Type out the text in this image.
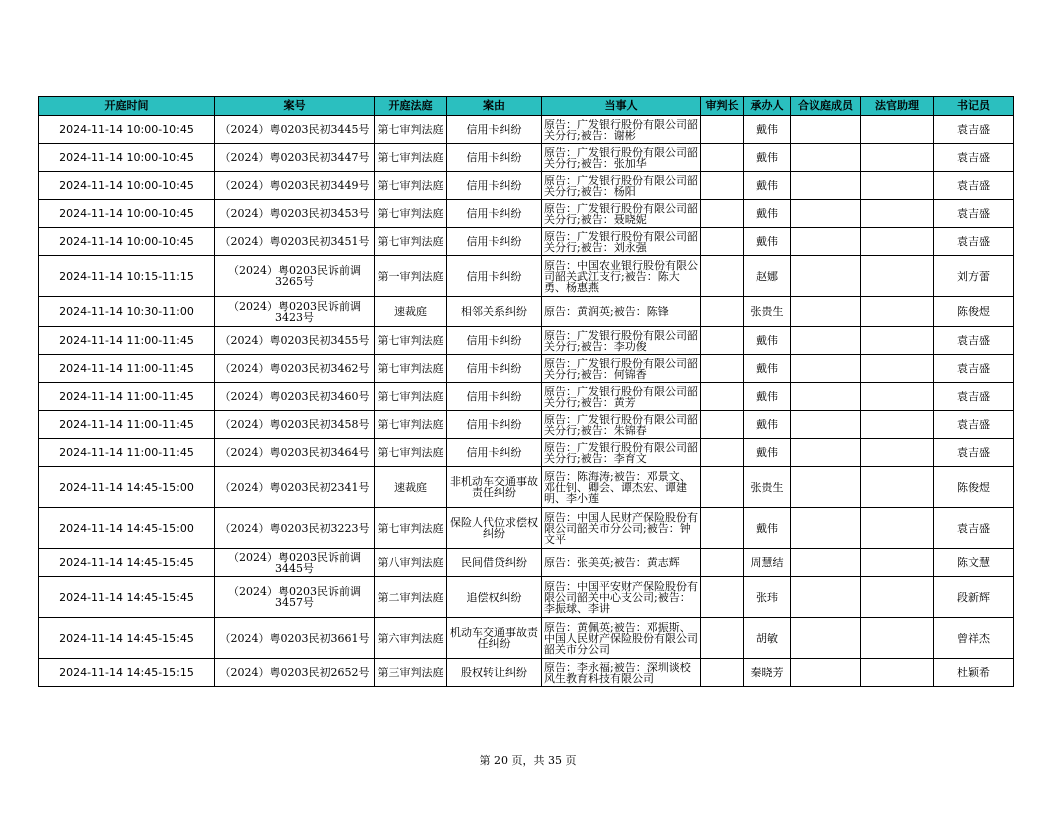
开庭时间	案号	开庭法庭	案由	当事人	审判长	承办人	合议庭成员	法官助理	书记员

2024-11-14 10:00-10:45	（2024）粤0203民初3445号	第七审判法庭	信用卡纠纷	原告：广发银行股份有限公司韶关分行;被告：谢彬		戴伟			袁吉盛

2024-11-14 10:00-10:45	（2024）粤0203民初3447号	第七审判法庭	信用卡纠纷	原告：广发银行股份有限公司韶关分行;被告：张加华		戴伟			袁吉盛

2024-11-14 10:00-10:45	（2024）粤0203民初3449号	第七审判法庭	信用卡纠纷	原告：广发银行股份有限公司韶关分行;被告：杨阳		戴伟			袁吉盛

2024-11-14 10:00-10:45	（2024）粤0203民初3453号	第七审判法庭	信用卡纠纷	原告：广发银行股份有限公司韶关分行;被告：聂晓妮		戴伟			袁吉盛

2024-11-14 10:00-10:45	（2024）粤0203民初3451号	第七审判法庭	信用卡纠纷	原告：广发银行股份有限公司韶关分行;被告：刘永强		戴伟			袁吉盛

2024-11-14 10:15-11:15	（2024）粤0203民诉前调3265号	第一审判法庭	信用卡纠纷	原告：中国农业银行股份有限公司韶关武江支行;被告：陈大勇、杨惠燕		赵娜			刘方蕾

2024-11-14 10:30-11:00	（2024）粤0203民诉前调3423号	速裁庭	相邻关系纠纷	原告：黄润英;被告：陈锋		张贵生			陈俊煜

2024-11-14 11:00-11:45	（2024）粤0203民初3455号	第七审判法庭	信用卡纠纷	原告：广发银行股份有限公司韶关分行;被告：李功俊		戴伟			袁吉盛

2024-11-14 11:00-11:45	（2024）粤0203民初3462号	第七审判法庭	信用卡纠纷	原告：广发银行股份有限公司韶关分行;被告：何锦香		戴伟			袁吉盛

2024-11-14 11:00-11:45	（2024）粤0203民初3460号	第七审判法庭	信用卡纠纷	原告：广发银行股份有限公司韶关分行;被告：黄芳		戴伟			袁吉盛

2024-11-14 11:00-11:45	（2024）粤0203民初3458号	第七审判法庭	信用卡纠纷	原告：广发银行股份有限公司韶关分行;被告：朱锦春		戴伟			袁吉盛

2024-11-14 11:00-11:45	（2024）粤0203民初3464号	第七审判法庭	信用卡纠纷	原告：广发银行股份有限公司韶关分行;被告：李育文		戴伟			袁吉盛

2024-11-14 14:45-15:00	（2024）粤0203民初2341号	速裁庭	非机动车交通事故责任纠纷	原告：陈海涛;被告：邓景文、邓仕钊、卿会、谭杰宏、谭建明、李小莲		张贵生			陈俊煜

2024-11-14 14:45-15:00	（2024）粤0203民初3223号	第七审判法庭	保险人代位求偿权纠纷	原告：中国人民财产保险股份有限公司韶关市分公司;被告：钟文平		戴伟			袁吉盛

2024-11-14 14:45-15:45	（2024）粤0203民诉前调3445号	第八审判法庭	民间借贷纠纷	原告：张美英;被告：黄志辉		周慧结			陈文慧

2024-11-14 14:45-15:45	（2024）粤0203民诉前调3457号	第二审判法庭	追偿权纠纷	原告：中国平安财产保险股份有限公司韶关中心支公司;被告：李振球、李讲		张玮			段新辉

2024-11-14 14:45-15:45	（2024）粤0203民初3661号	第六审判法庭	机动车交通事故责任纠纷	原告：黄佩英;被告：邓振斯、中国人民财产保险股份有限公司韶关市分公司		胡敏			曾祥杰

2024-11-14 14:45-15:15	（2024）粤0203民初2652号	第三审判法庭	股权转让纠纷	原告：李永福;被告：深圳谈校风生教育科技有限公司		秦晓芳			杜颖希
第 20 页，共 35 页
